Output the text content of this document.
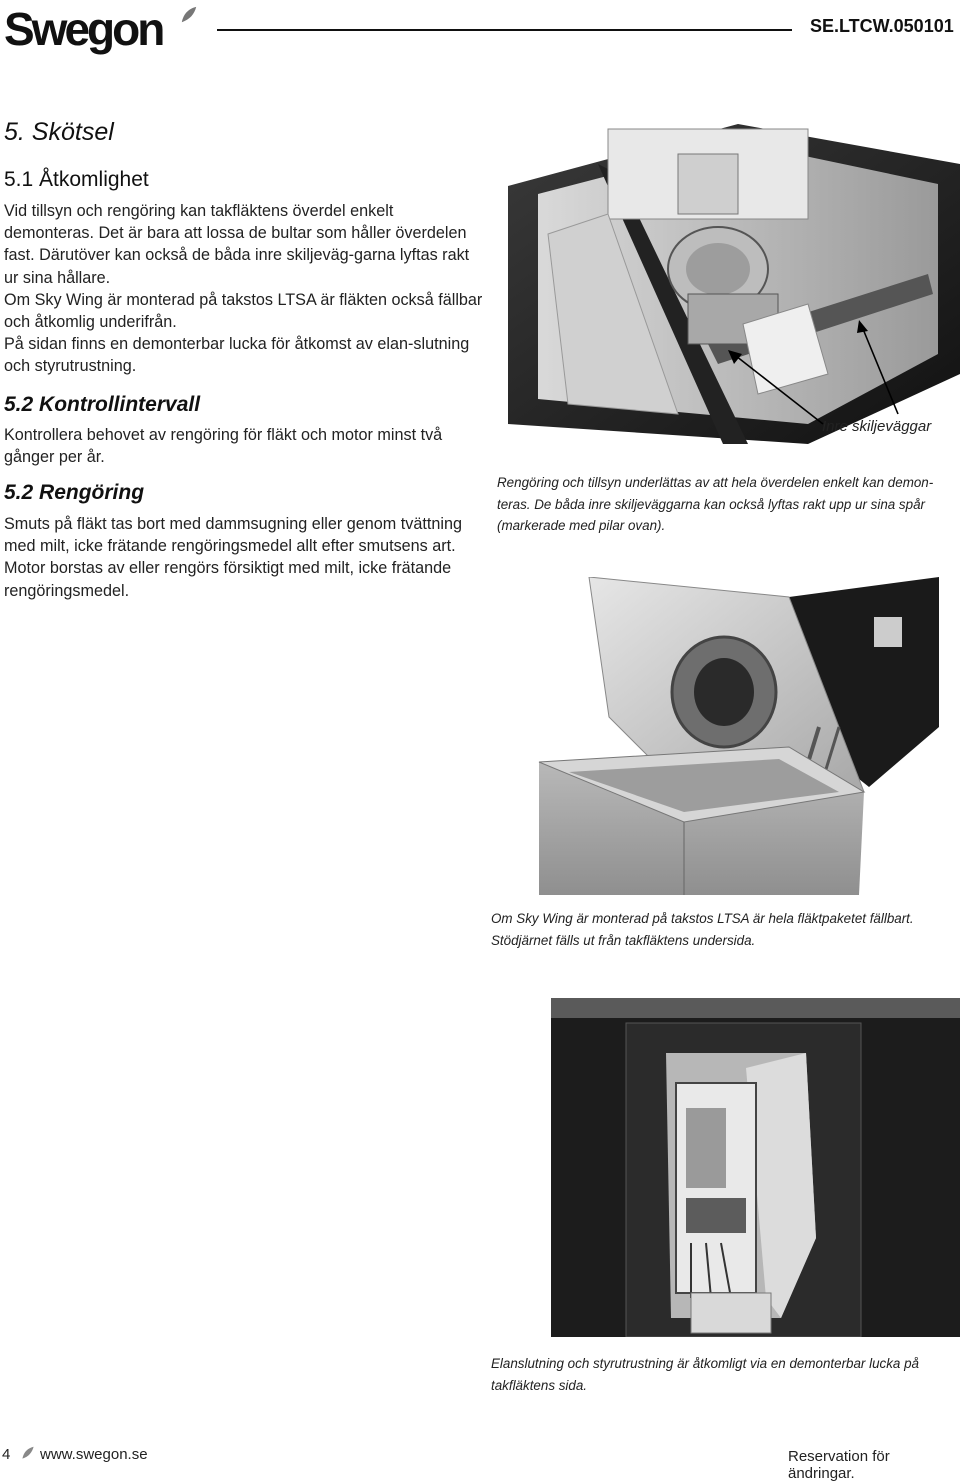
Swegon	SE.LTCW.050101
5. Skötsel
5.1 Åtkomlighet
Vid tillsyn och rengöring kan takfläktens överdel enkelt demonteras. Det är bara att lossa de bultar som håller överdelen fast. Därutöver kan också de båda inre skiljeväg-garna lyftas rakt ur sina hållare.
Om Sky Wing är monterad på takstos LTSA är fläkten också fällbar och åtkomlig underifrån.
På sidan finns en demonterbar lucka för åtkomst av elan-slutning och styrutrustning.
5.2 Kontrollintervall
Kontrollera behovet av rengöring för fläkt och motor minst två gånger per år.
5.2 Rengöring
Smuts på fläkt tas bort med dammsugning eller genom tvättning med milt, icke frätande rengöringsmedel allt efter smutsens art.
Motor borstas av eller rengörs försiktigt med milt, icke frätande rengöringsmedel.
Inre skiljeväggar

Rengöring och tillsyn underlättas av att hela överdelen enkelt kan demon-teras. De båda inre skiljeväggarna kan också lyftas rakt upp ur sina spår (markerade med pilar ovan).

Om Sky Wing är monterad på takstos LTSA är hela fläktpaketet fällbart. Stödjärnet fälls ut från takfläktens undersida.

Elanslutning och styrutrustning är åtkomligt via en demonterbar lucka på takfläktens sida.

4 www.swegon.se	Reservation för ändringar.
